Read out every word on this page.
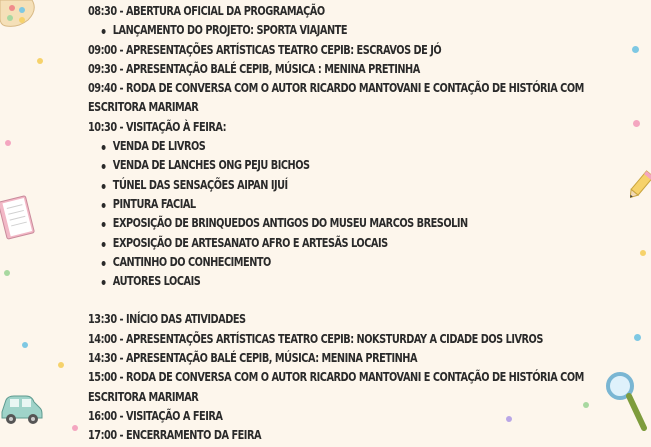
08:30 - ABERTURA OFICIAL DA PROGRAMAÇÃO
LANÇAMENTO DO PROJETO: SPORTA VIAJANTE
09:00 - APRESENTAÇÕES ARTÍSTICAS TEATRO CEPIB: ESCRAVOS DE JÓ
09:30 - APRESENTAÇÃO BALÉ CEPIB, MÚSICA : MENINA PRETINHA
09:40 - RODA DE CONVERSA COM O AUTOR RICARDO MANTOVANI E CONTAÇÃO DE HISTÓRIA COM ESCRITORA MARIMAR
10:30 - VISITAÇÃO À FEIRA:
VENDA DE LIVROS
VENDA DE LANCHES ONG PEJU BICHOS
TÚNEL DAS SENSAÇÕES AIPAN IJUÍ
PINTURA FACIAL
EXPOSIÇÃO DE BRINQUEDOS ANTIGOS DO MUSEU MARCOS BRESOLIN
EXPOSIÇÃO DE ARTESANATO AFRO E ARTESÃS LOCAIS
CANTINHO DO CONHECIMENTO
AUTORES LOCAIS
13:30 - INÍCIO DAS ATIVIDADES
14:00 - APRESENTAÇÕES ARTÍSTICAS TEATRO CEPIB: NOKSTURDAY A CIDADE DOS LIVROS
14:30 - APRESENTAÇÃO BALÉ CEPIB, MÚSICA: MENINA PRETINHA
15:00 - RODA DE CONVERSA COM O AUTOR RICARDO MANTOVANI E CONTAÇÃO DE HISTÓRIA COM ESCRITORA MARIMAR
16:00 - VISITAÇÃO A FEIRA
17:00 - ENCERRAMENTO DA FEIRA
